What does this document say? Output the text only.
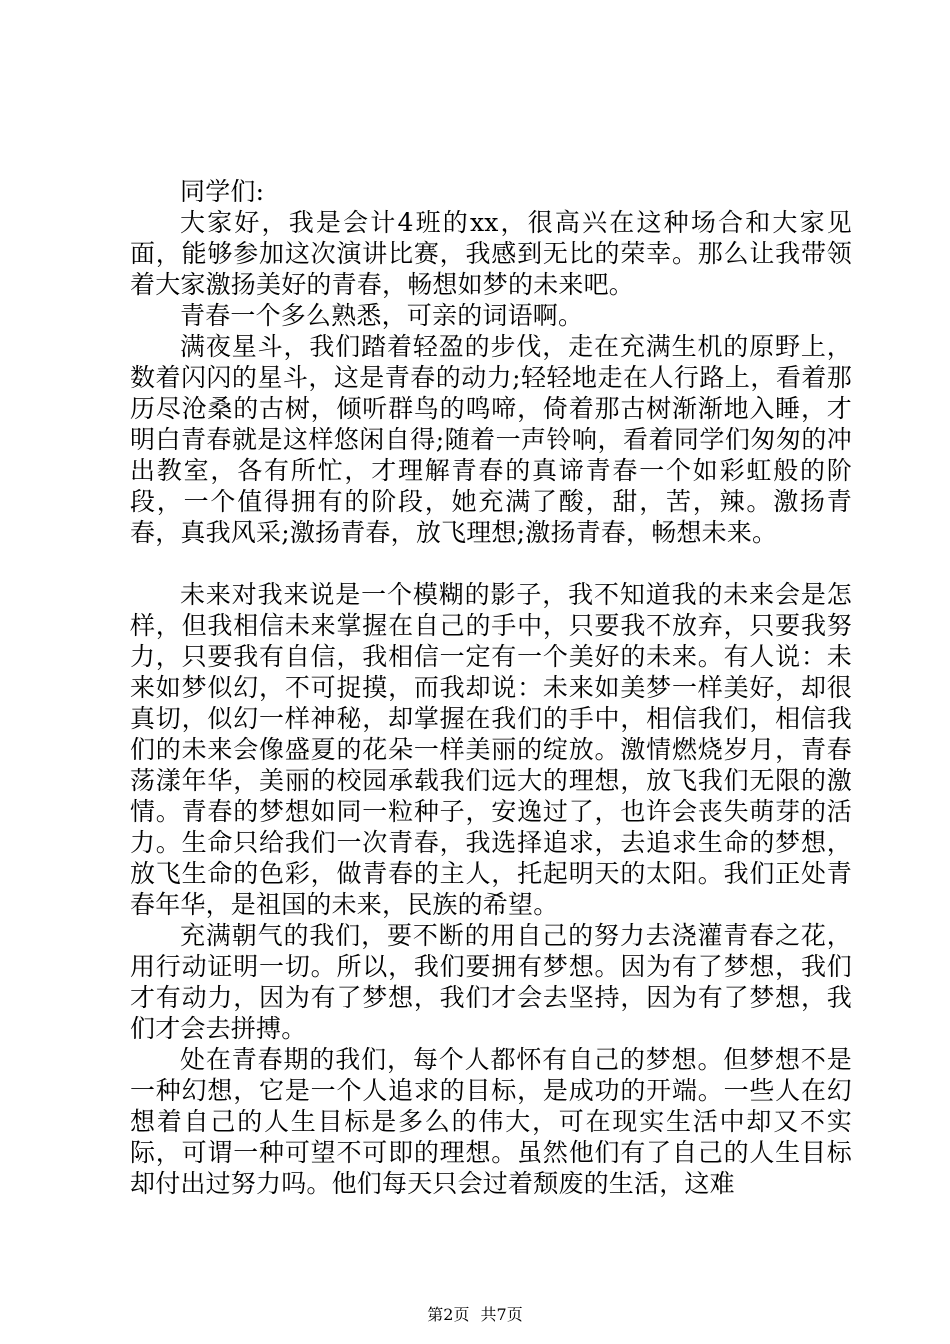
同学们:

大家好，我是会计4班的xx，很高兴在这种场合和大家见面，能够参加这次演讲比赛，我感到无比的荣幸。那么让我带领着大家激扬美好的青春，畅想如梦的未来吧。

青春一个多么熟悉，可亲的词语啊。

满夜星斗，我们踏着轻盈的步伐，走在充满生机的原野上，数着闪闪的星斗，这是青春的动力;轻轻地走在人行路上，看着那历尽沧桑的古树，倾听群鸟的鸣啼，倚着那古树渐渐地入睡，才明白青春就是这样悠闲自得;随着一声铃响，看着同学们匆匆的冲出教室，各有所忙，才理解青春的真谛青春一个如彩虹般的阶段，一个值得拥有的阶段，她充满了酸，甜，苦，辣。激扬青春，真我风采;激扬青春，放飞理想;激扬青春，畅想未来。

未来对我来说是一个模糊的影子，我不知道我的未来会是怎样，但我相信未来掌握在自己的手中，只要我不放弃，只要我努力，只要我有自信，我相信一定有一个美好的未来。有人说：未来如梦似幻，不可捉摸，而我却说：未来如美梦一样美好，却很真切，似幻一样神秘，却掌握在我们的手中，相信我们，相信我们的未来会像盛夏的花朵一样美丽的绽放。激情燃烧岁月，青春荡漾年华，美丽的校园承载我们远大的理想，放飞我们无限的激情。青春的梦想如同一粒种子，安逸过了，也许会丧失萌芽的活力。生命只给我们一次青春，我选择追求，去追求生命的梦想，放飞生命的色彩，做青春的主人，托起明天的太阳。我们正处青春年华，是祖国的未来，民族的希望。

充满朝气的我们，要不断的用自己的努力去浇灌青春之花，用行动证明一切。所以，我们要拥有梦想。因为有了梦想，我们才有动力，因为有了梦想，我们才会去坚持，因为有了梦想，我们才会去拼搏。

处在青春期的我们，每个人都怀有自己的梦想。但梦想不是一种幻想，它是一个人追求的目标，是成功的开端。一些人在幻想着自己的人生目标是多么的伟大，可在现实生活中却又不实际，可谓一种可望不可即的理想。虽然他们有了自己的人生目标却付出过努力吗。他们每天只会过着颓废的生活，这难

第2页 共7页
